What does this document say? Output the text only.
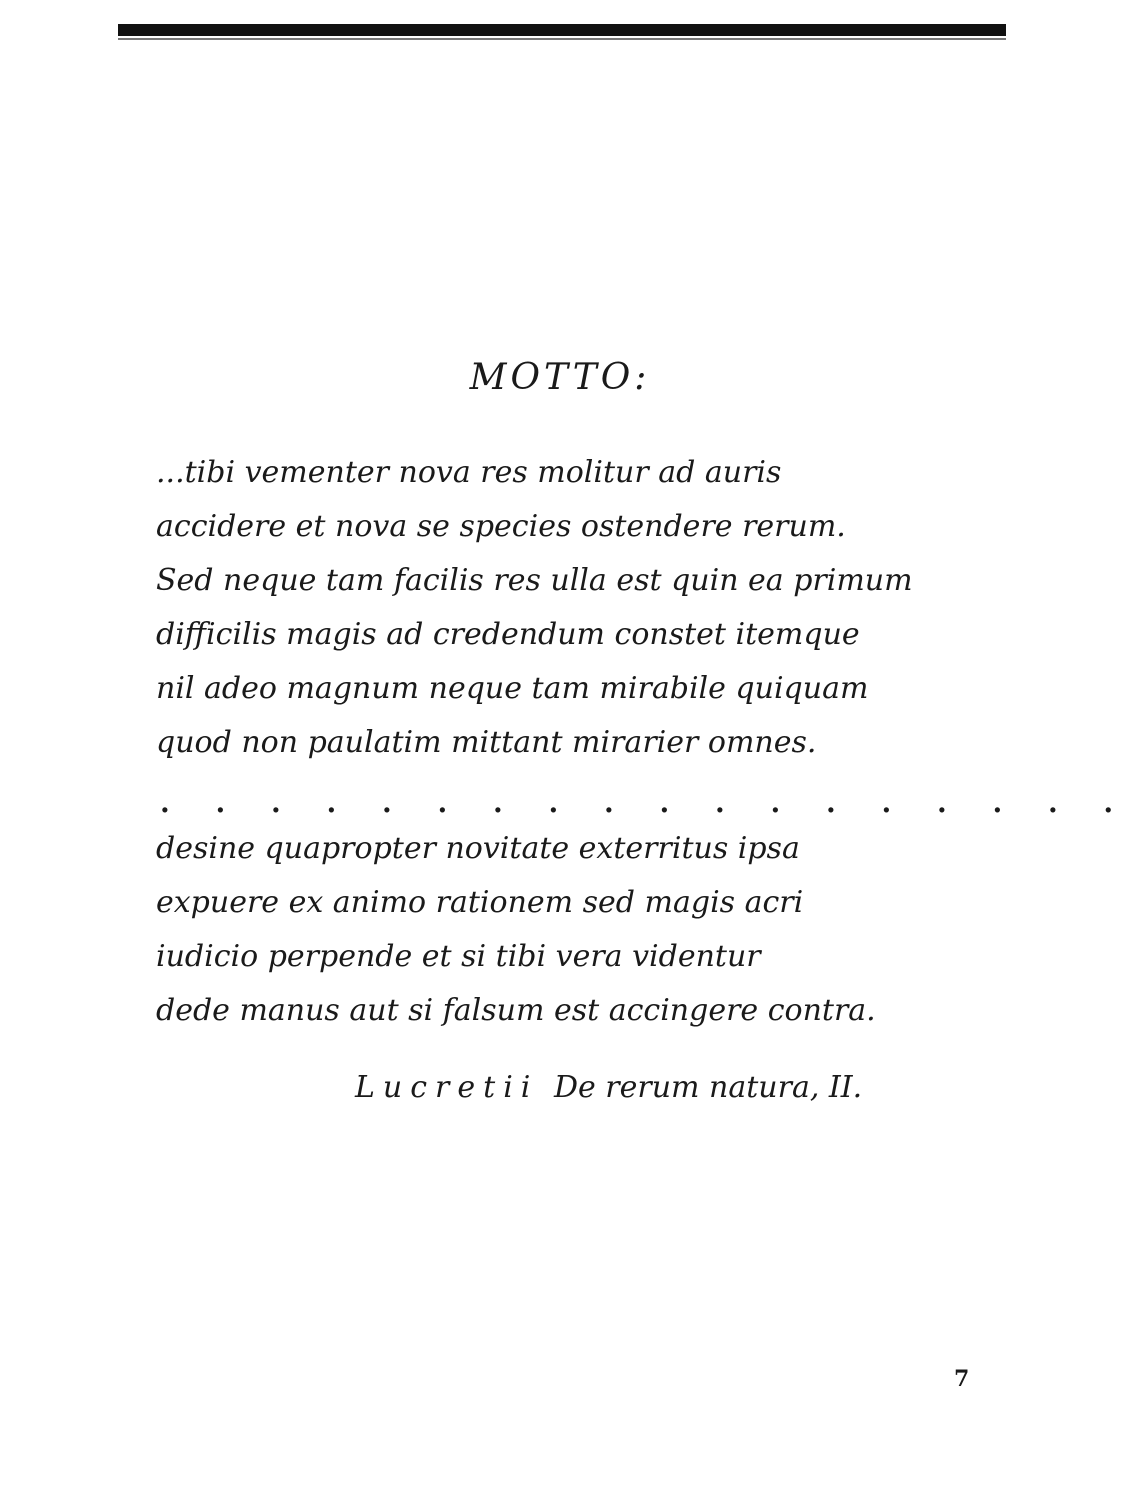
MOTTO:

...tibi vementer nova res molitur ad auris

accidere et nova se species ostendere rerum.

Sed neque tam facilis res ulla est quin ea primum

difficilis magis ad credendum constet itemque

nil adeo magnum neque tam mirabile quiquam

quod non paulatim mittant mirarier omnes.

. . . . . . . . . . . . . . . . . .

desine quapropter novitate exterritus ipsa

expuere ex animo rationem sed magis acri

iudicio perpende et si tibi vera videntur

dede manus aut si falsum est accingere contra.

Lucretii De rerum natura, II.
7
